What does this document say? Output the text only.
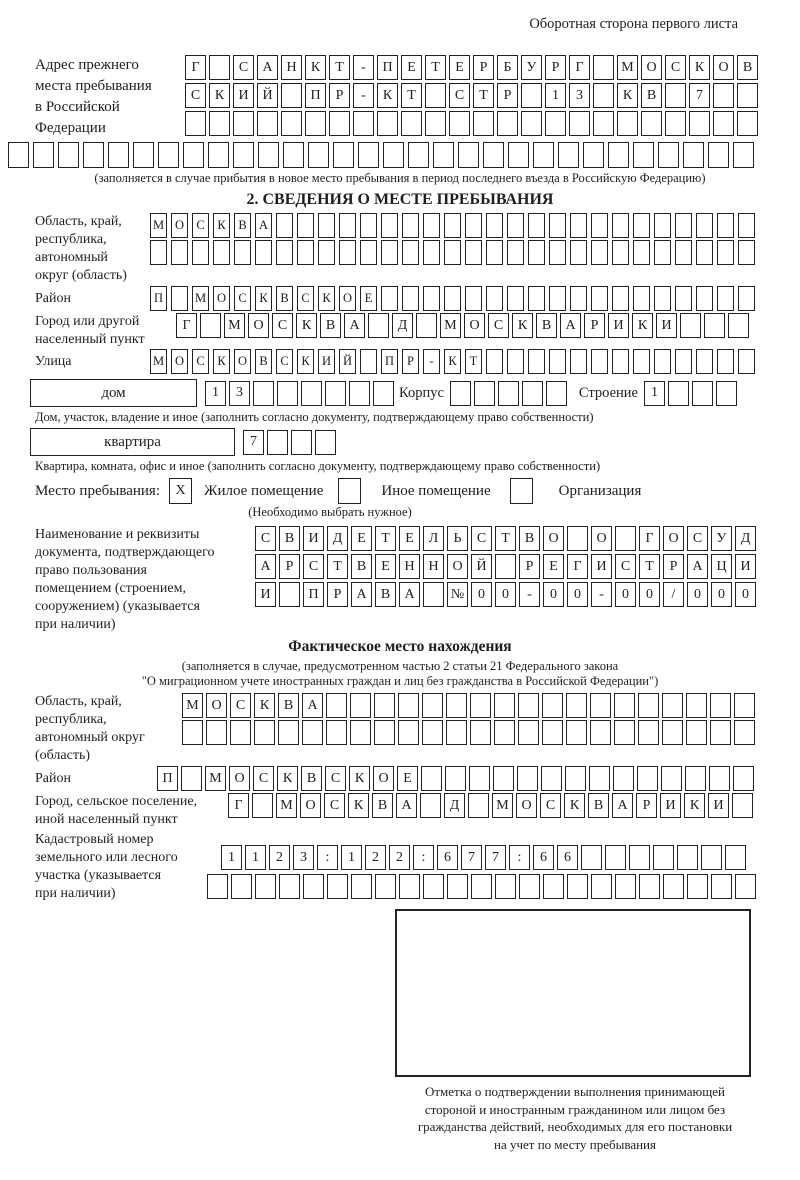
Оборотная сторона первого листа
Адрес прежнего
места пребывания
в Российской
Федерации
Г	С	А Н	К	Т	-	П	Е	Т	Е	Р	Б	У	Р	Г	М О	С	К	О	В
С	К	И Й	П	Р	-	К	Т	С	Т	Р	1	3	К	В	7
(заполняется в случае прибытия в новое место пребывания в период последнего въезда в Российскую Федерацию)
2. СВЕДЕНИЯ О МЕСТЕ ПРЕБЫВАНИЯ
Область, край,
республика,
автономный
округ (область)
М О С	К	В А
Район	П	М О С	К	В	С	К О	Е
Город или другой
населенный пункт
Г	М О	С	К	В	А	Д	М О	С	К	В	А	Р	И	К	И
Улица	М О С	К О В	С	К И Й	П	Р	-	К	Т
дом	1	3	Корпус	Строение 1
Дом, участок, владение и иное (заполнить согласно документу, подтверждающему право собственности)
квартира	7
Квартира, комната, офис и иное (заполнить согласно документу, подтверждающему право собственности)
Место пребывания:	Х	Жилое помещение	Иное помещение	Организация
(Необходимо выбрать нужное)
Наименование и реквизиты
документа, подтверждающего
право пользования
помещением (строением,
сооружением) (указывается
при наличии)
С	В	И	Д	Е	Т	Е	Л	Ь	С	Т	В	О	О	Г	О	С	У	Д
А	Р	С	Т	В	Е	Н Н О Й	Р	Е	Г	И	С	Т	Р	А Ц И
И	П	Р	А	В	А	№ 0	0	-	0	0	-	0	0	/	0	0	0
Фактическое место нахождения
(заполняется в случае, предусмотренном частью 2 статьи 21 Федерального закона
"О миграционном учете иностранных граждан и лиц без гражданства в Российской Федерации")
Область, край,
республика,
автономный округ
(область)
М О	С	К	В	А
Район	П	М О	С	К	В	С	К	О	Е
Город, сельское поселение,
иной населенный пункт
Г	М О	С	К	В	А	Д	М О	С	К	В	А	Р	И	К	И
Кадастровый номер
земельного или лесного
участка (указывается
при наличии)
1	1	2	3	:	1	2	2	:	6	7	7	:	6	6
Отметка о подтверждении выполнения принимающей
стороной и иностранным гражданином или лицом без
гражданства действий, необходимых для его постановки
на учет по месту пребывания
